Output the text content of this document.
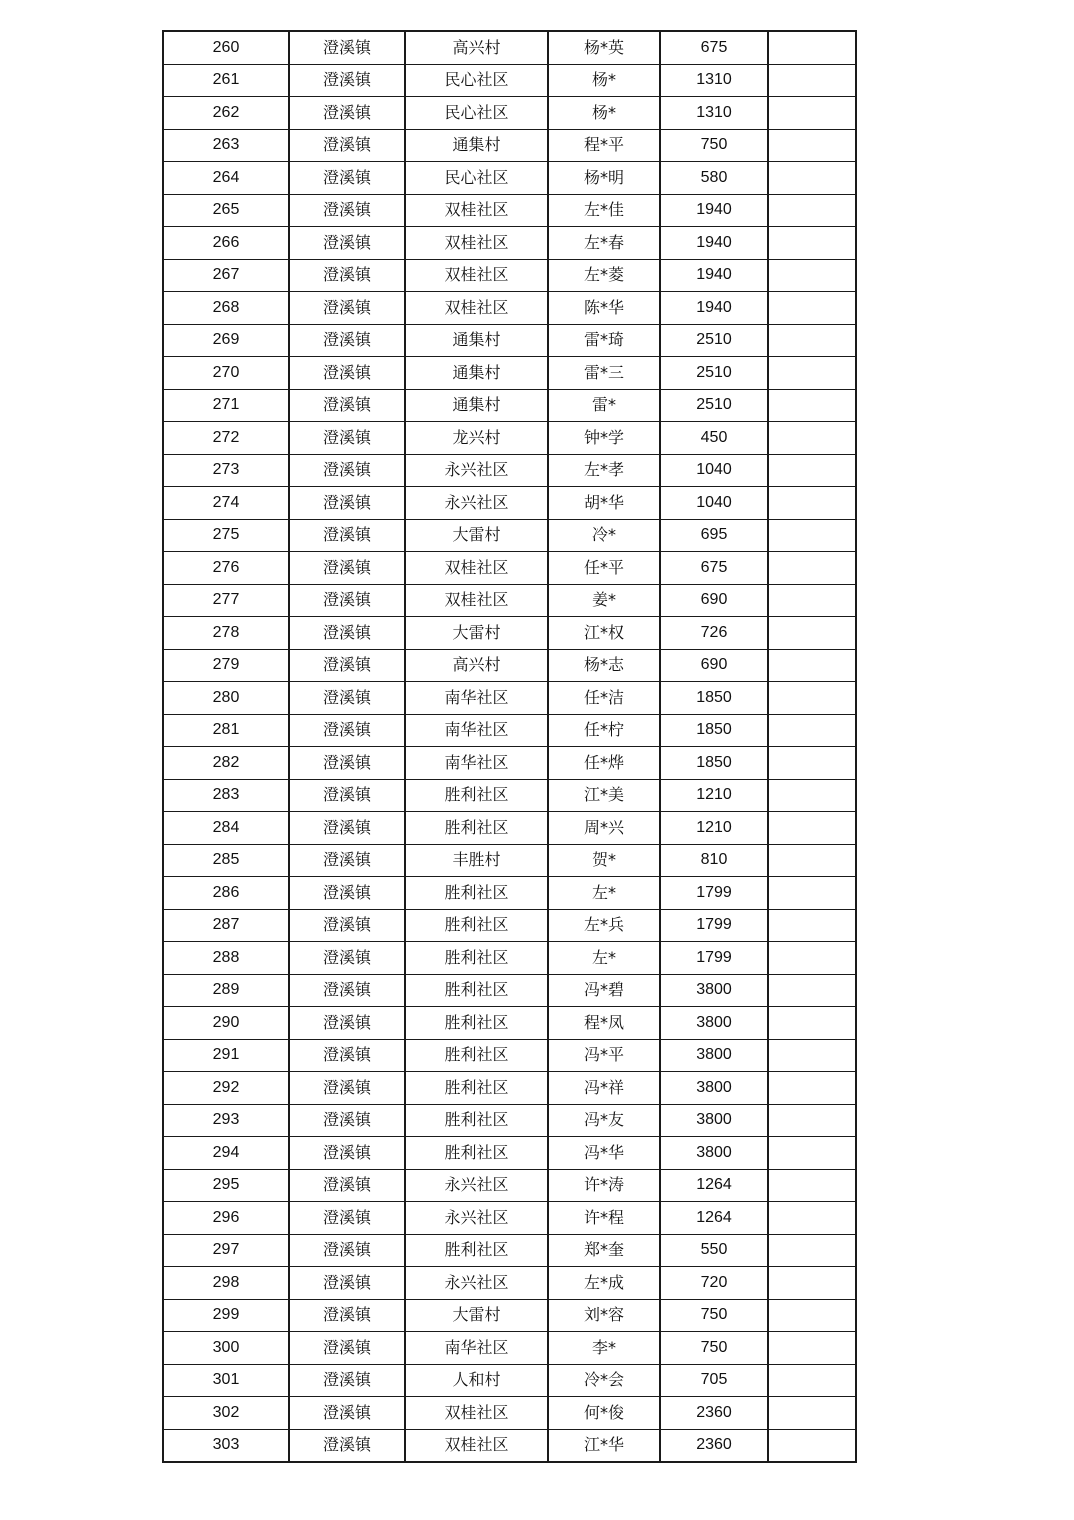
260	澄溪镇	高兴村	杨*英	675	
261	澄溪镇	民心社区	杨*	1310	
262	澄溪镇	民心社区	杨*	1310	
263	澄溪镇	通集村	程*平	750	
264	澄溪镇	民心社区	杨*明	580	
265	澄溪镇	双桂社区	左*佳	1940	
266	澄溪镇	双桂社区	左*春	1940	
267	澄溪镇	双桂社区	左*菱	1940	
268	澄溪镇	双桂社区	陈*华	1940	
269	澄溪镇	通集村	雷*琦	2510	
270	澄溪镇	通集村	雷*三	2510	
271	澄溪镇	通集村	雷*	2510	
272	澄溪镇	龙兴村	钟*学	450	
273	澄溪镇	永兴社区	左*孝	1040	
274	澄溪镇	永兴社区	胡*华	1040	
275	澄溪镇	大雷村	冷*	695	
276	澄溪镇	双桂社区	任*平	675	
277	澄溪镇	双桂社区	姜*	690	
278	澄溪镇	大雷村	江*权	726	
279	澄溪镇	高兴村	杨*志	690	
280	澄溪镇	南华社区	任*洁	1850	
281	澄溪镇	南华社区	任*柠	1850	
282	澄溪镇	南华社区	任*烨	1850	
283	澄溪镇	胜利社区	江*美	1210	
284	澄溪镇	胜利社区	周*兴	1210	
285	澄溪镇	丰胜村	贺*	810	
286	澄溪镇	胜利社区	左*	1799	
287	澄溪镇	胜利社区	左*兵	1799	
288	澄溪镇	胜利社区	左*	1799	
289	澄溪镇	胜利社区	冯*碧	3800	
290	澄溪镇	胜利社区	程*凤	3800	
291	澄溪镇	胜利社区	冯*平	3800	
292	澄溪镇	胜利社区	冯*祥	3800	
293	澄溪镇	胜利社区	冯*友	3800	
294	澄溪镇	胜利社区	冯*华	3800	
295	澄溪镇	永兴社区	许*涛	1264	
296	澄溪镇	永兴社区	许*程	1264	
297	澄溪镇	胜利社区	郑*奎	550	
298	澄溪镇	永兴社区	左*成	720	
299	澄溪镇	大雷村	刘*容	750	
300	澄溪镇	南华社区	李*	750	
301	澄溪镇	人和村	冷*会	705	
302	澄溪镇	双桂社区	何*俊	2360	
303	澄溪镇	双桂社区	江*华	2360	
